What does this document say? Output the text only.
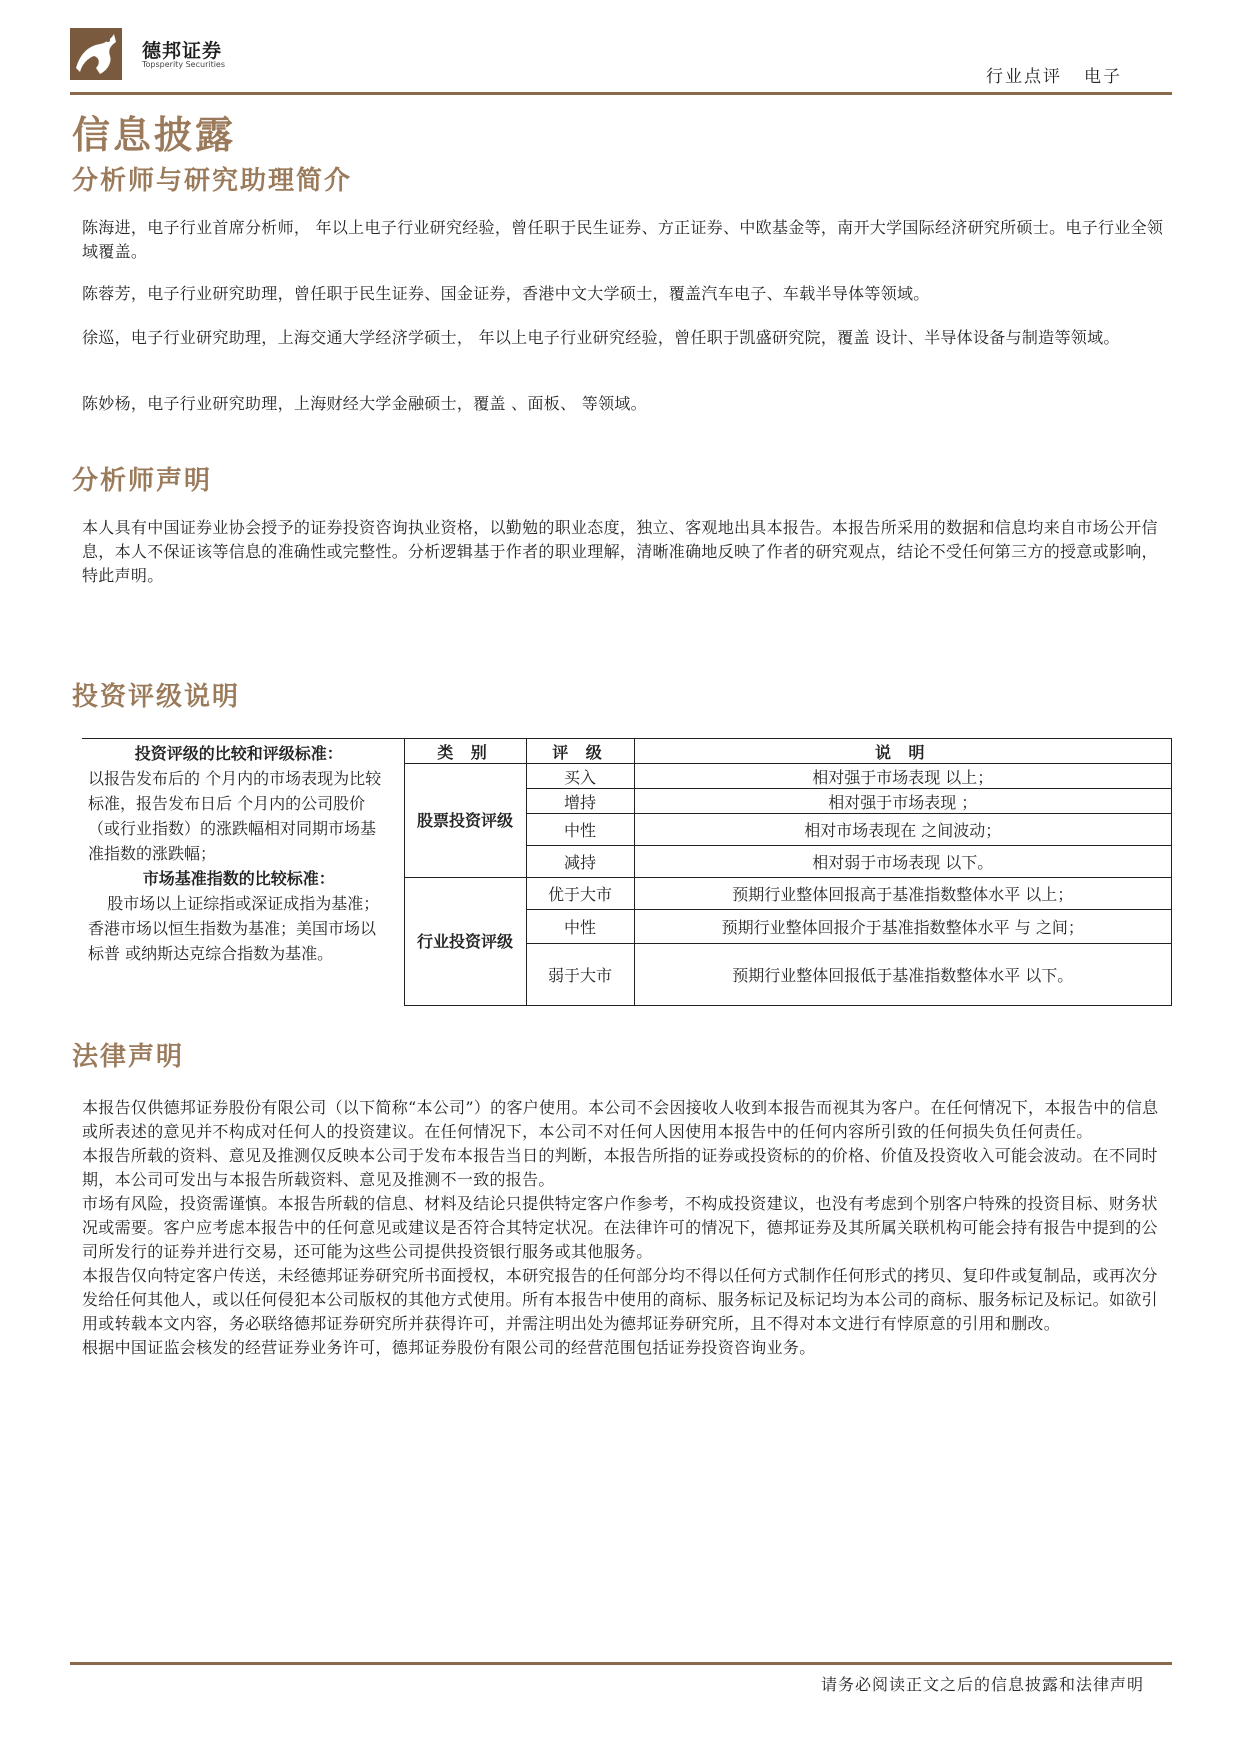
德邦证券
Topsperity Securities
行业点评 电子
信息披露
分析师与研究助理简介

陈海进，电子行业首席分析师， 年以上电子行业研究经验，曾任职于民生证券、方正证券、中欧基金等，南开大学国际经济研究所硕士。电子行业全领域覆盖。

陈蓉芳，电子行业研究助理，曾任职于民生证券、国金证券，香港中文大学硕士，覆盖汽车电子、车载半导体等领域。

徐巡，电子行业研究助理，上海交通大学经济学硕士， 年以上电子行业研究经验，曾任职于凯盛研究院，覆盖 设计、半导体设备与制造等领域。

陈妙杨，电子行业研究助理，上海财经大学金融硕士，覆盖 、面板、 等领域。

分析师声明

本人具有中国证券业协会授予的证券投资咨询执业资格，以勤勉的职业态度，独立、客观地出具本报告。本报告所采用的数据和信息均来自市场公开信息，本人不保证该等信息的准确性或完整性。分析逻辑基于作者的职业理解，清晰准确地反映了作者的研究观点，结论不受任何第三方的授意或影响，特此声明。

投资评级说明
投资评级的比较和评级标准：
以报告发布后的 个月内的市场表现为比较标准，报告发布日后 个月内的公司股价（或行业指数）的涨跌幅相对同期市场基准指数的涨跌幅；
市场基准指数的比较标准：
股市场以上证综指或深证成指为基准；香港市场以恒生指数为基准；美国市场以标普 或纳斯达克综合指数为基准。	类 别	评 级	说 明
	股票投资评级	买入	相对强于市场表现 以上；
		增持	相对强于市场表现 ；
		中性	相对市场表现在 之间波动；
		减持	相对弱于市场表现 以下。
	行业投资评级	优于大市	预期行业整体回报高于基准指数整体水平 以上；
		中性	预期行业整体回报介于基准指数整体水平 与 之间；
		弱于大市	预期行业整体回报低于基准指数整体水平 以下。
法律声明
本报告仅供德邦证券股份有限公司（以下简称“本公司”）的客户使用。本公司不会因接收人收到本报告而视其为客户。在任何情况下，本报告中的信息或所表述的意见并不构成对任何人的投资建议。在任何情况下，本公司不对任何人因使用本报告中的任何内容所引致的任何损失负任何责任。
本报告所载的资料、意见及推测仅反映本公司于发布本报告当日的判断，本报告所指的证券或投资标的的价格、价值及投资收入可能会波动。在不同时期，本公司可发出与本报告所载资料、意见及推测不一致的报告。
市场有风险，投资需谨慎。本报告所载的信息、材料及结论只提供特定客户作参考，不构成投资建议，也没有考虑到个别客户特殊的投资目标、财务状况或需要。客户应考虑本报告中的任何意见或建议是否符合其特定状况。在法律许可的情况下，德邦证券及其所属关联机构可能会持有报告中提到的公司所发行的证券并进行交易，还可能为这些公司提供投资银行服务或其他服务。
本报告仅向特定客户传送，未经德邦证券研究所书面授权，本研究报告的任何部分均不得以任何方式制作任何形式的拷贝、复印件或复制品，或再次分发给任何其他人，或以任何侵犯本公司版权的其他方式使用。所有本报告中使用的商标、服务标记及标记均为本公司的商标、服务标记及标记。如欲引用或转载本文内容，务必联络德邦证券研究所并获得许可，并需注明出处为德邦证券研究所，且不得对本文进行有悖原意的引用和删改。
根据中国证监会核发的经营证券业务许可，德邦证券股份有限公司的经营范围包括证券投资咨询业务。
请务必阅读正文之后的信息披露和法律声明
